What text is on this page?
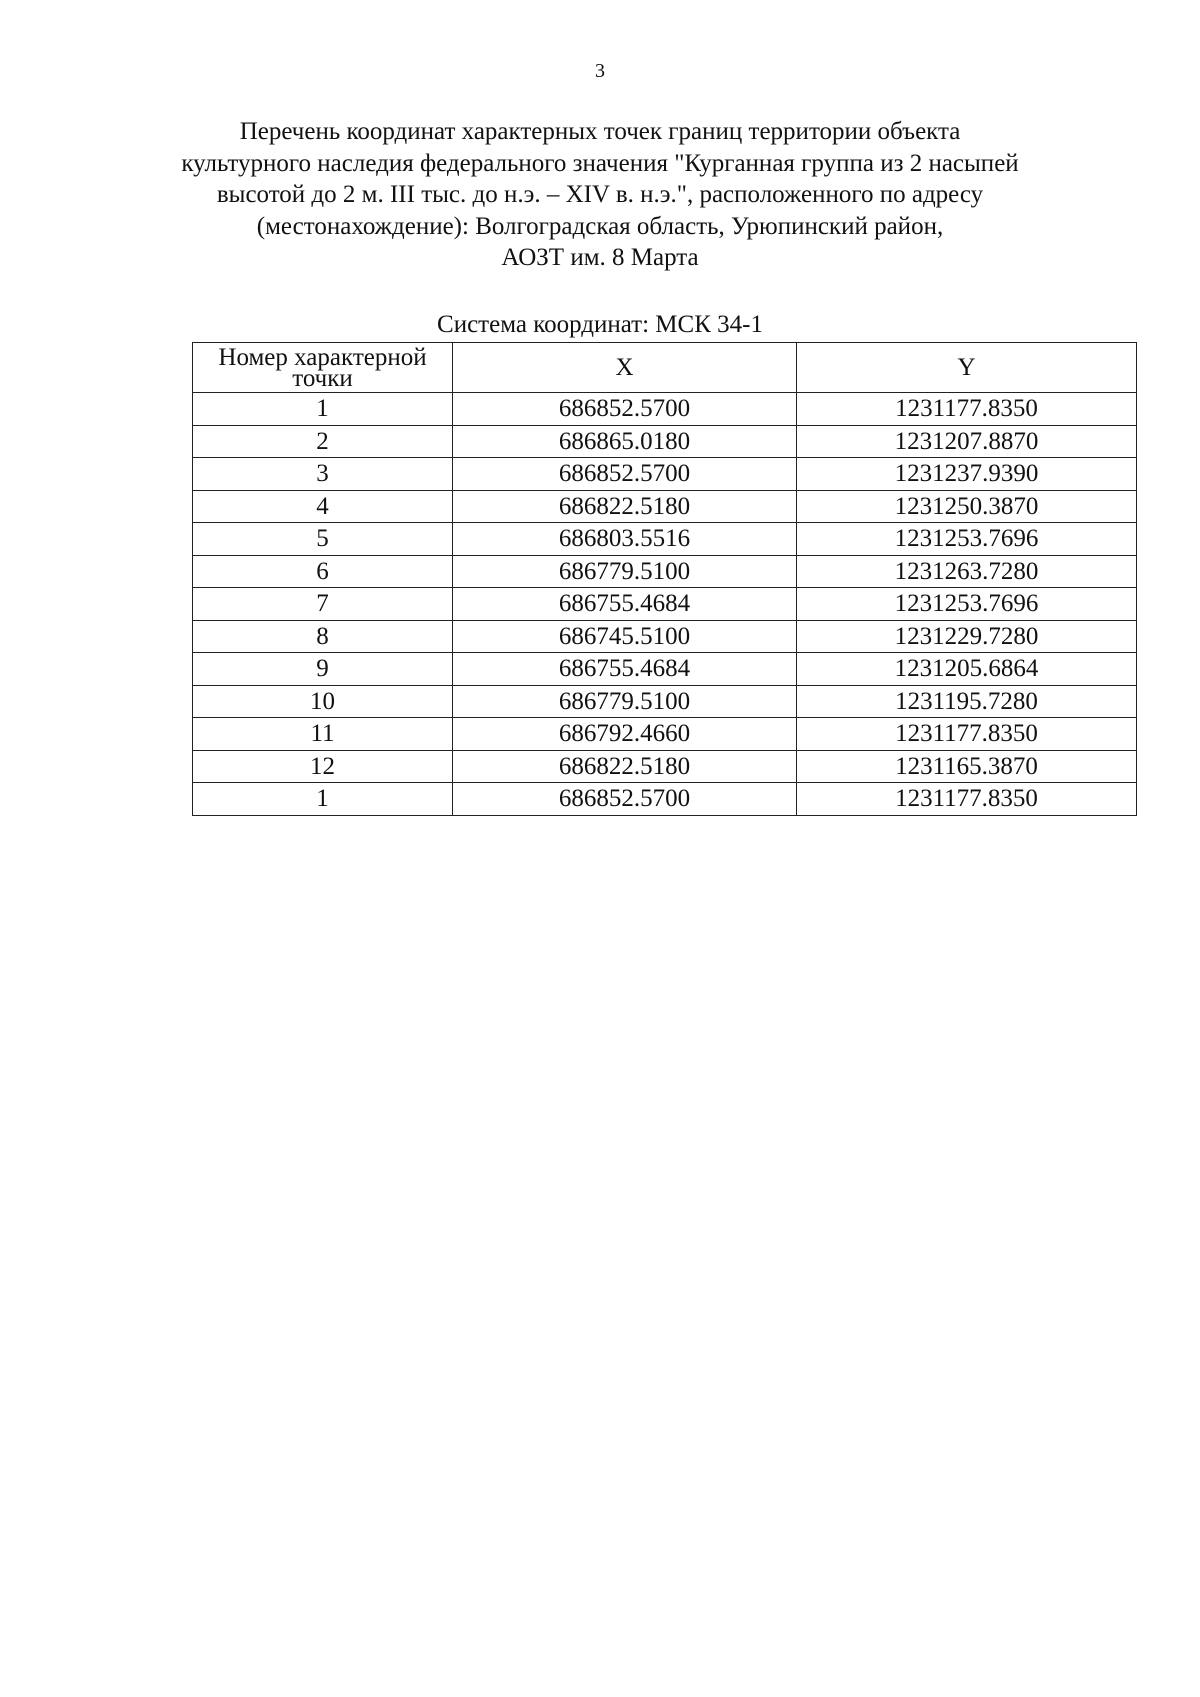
3
Перечень координат характерных точек границ территории объекта
культурного наследия федерального значения "Курганная группа из 2 насыпей
высотой до 2 м. III тыс. до н.э. – XIV в. н.э.", расположенного по адресу
(местонахождение): Волгоградская область, Урюпинский район,
АОЗТ им. 8 Марта
Система координат: МСК 34-1
Номер характерной точки	X	Y
1	686852.5700	1231177.8350
2	686865.0180	1231207.8870
3	686852.5700	1231237.9390
4	686822.5180	1231250.3870
5	686803.5516	1231253.7696
6	686779.5100	1231263.7280
7	686755.4684	1231253.7696
8	686745.5100	1231229.7280
9	686755.4684	1231205.6864
10	686779.5100	1231195.7280
11	686792.4660	1231177.8350
12	686822.5180	1231165.3870
1	686852.5700	1231177.8350
